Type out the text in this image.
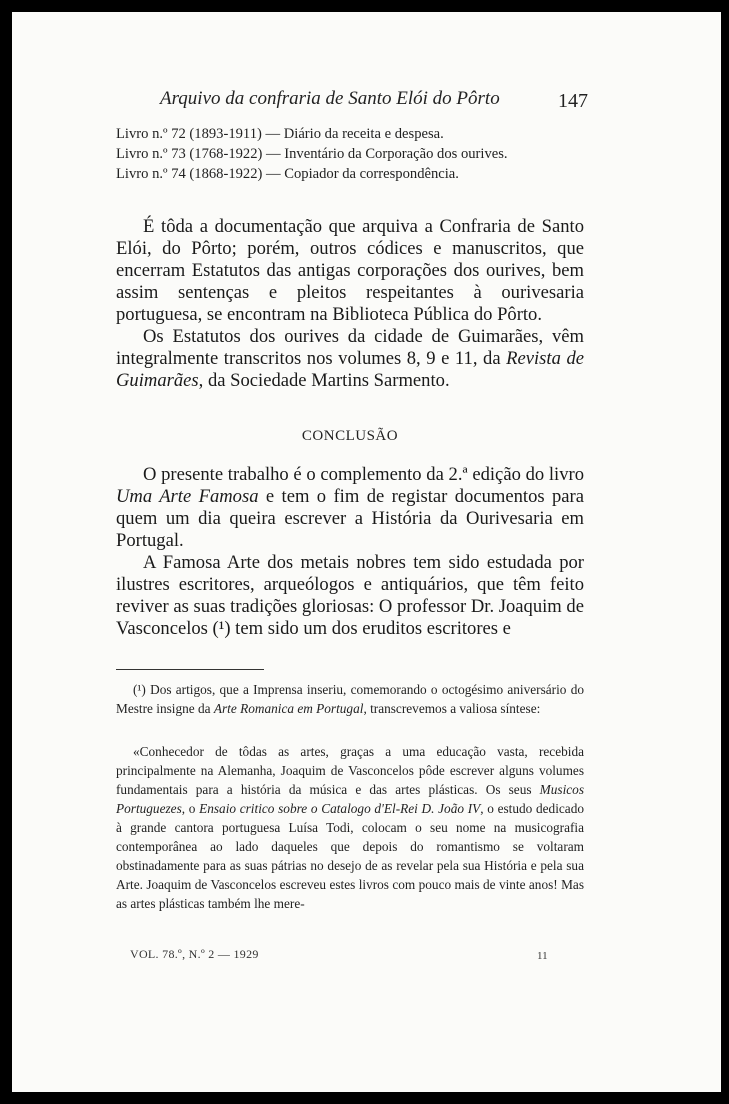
Arquivo da confraria de Santo Elói do Pôrto	147
Livro n.º 72 (1893-1911) — Diário da receita e despesa.
Livro n.º 73 (1768-1922) — Inventário da Corporação dos ourives.
Livro n.º 74 (1868-1922) — Copiador da correspondência.

É tôda a documentação que arquiva a Confraria de Santo Elói, do Pôrto; porém, outros códices e manuscritos, que encerram Estatutos das antigas corporações dos ourives, bem assim sentenças e pleitos respeitantes à ourivesaria portuguesa, se encontram na Biblioteca Pública do Pôrto.

Os Estatutos dos ourives da cidade de Guimarães, vêm integralmente transcritos nos volumes 8, 9 e 11, da Revista de Guimarães, da Sociedade Martins Sarmento.

CONCLUSÃO

O presente trabalho é o complemento da 2.ª edição do livro Uma Arte Famosa e tem o fim de registar documentos para quem um dia queira escrever a História da Ourivesaria em Portugal.

A Famosa Arte dos metais nobres tem sido estudada por ilustres escritores, arqueólogos e antiquários, que têm feito reviver as suas tradições gloriosas: O professor Dr. Joaquim de Vasconcelos (¹) tem sido um dos eruditos escritores e

(¹) Dos artigos, que a Imprensa inseriu, comemorando o octogésimo aniversário do Mestre insigne da Arte Romanica em Portugal, transcrevemos a valiosa síntese:

«Conhecedor de tôdas as artes, graças a uma educação vasta, recebida principalmente na Alemanha, Joaquim de Vasconcelos pôde escrever alguns volumes fundamentais para a história da música e das artes plásticas. Os seus Musicos Portuguezes, o Ensaio critico sobre o Catalogo d'El-Rei D. João IV, o estudo dedicado à grande cantora portuguesa Luísa Todi, colocam o seu nome na musicografia contemporânea ao lado daqueles que depois do romantismo se voltaram obstinadamente para as suas pátrias no desejo de as revelar pela sua História e pela sua Arte. Joaquim de Vasconcelos escreveu estes livros com pouco mais de vinte anos! Mas as artes plásticas também lhe mere-

VOL. 78.º, N.º 2 — 1929	11
